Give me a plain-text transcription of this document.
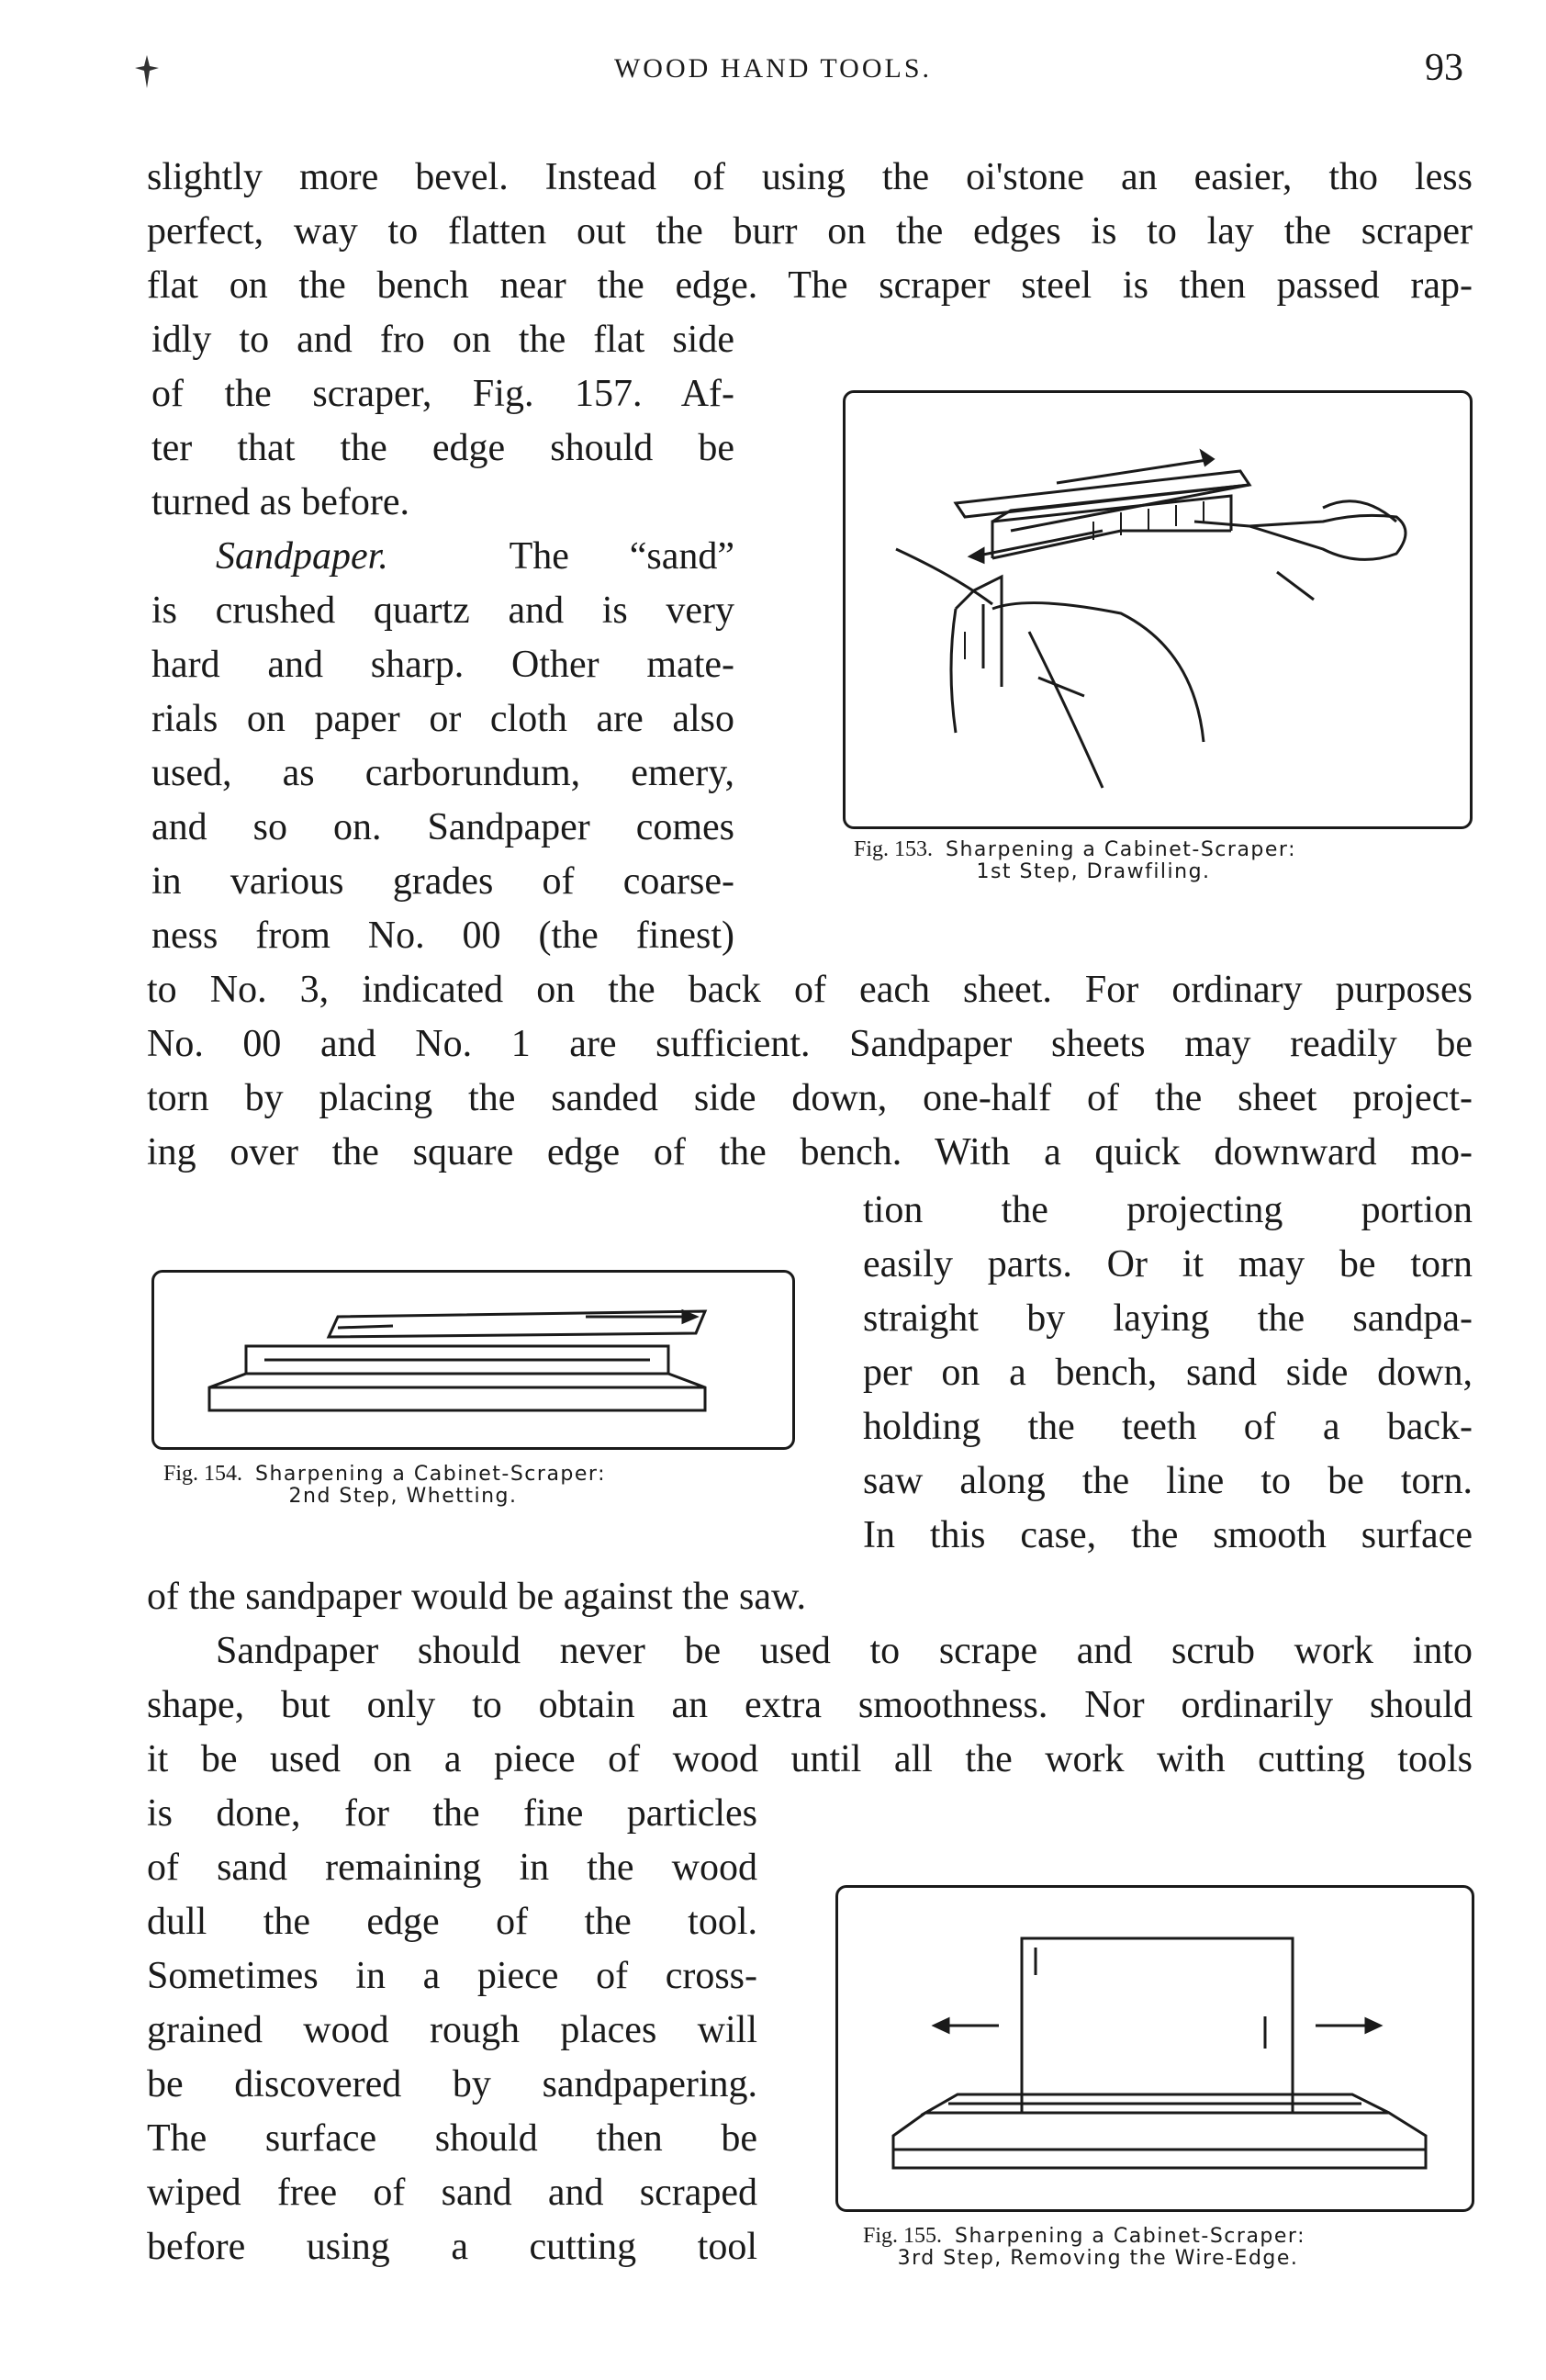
WOOD HAND TOOLS.	93
slightly more bevel. Instead of using the oi'stone an easier, tho less
perfect, way to flatten out the burr on the edges is to lay the scraper
flat on the bench near the edge. The scraper steel is then passed rap-
idly to and fro on the flat side
of the scraper, Fig. 157. Af-
ter that the edge should be
turned as before.
Sandpaper.	The “sand”
is crushed quartz and is very
hard and sharp. Other mate-
rials on paper or cloth are also
used, as carborundum, emery,
and so on. Sandpaper comes
in various grades of coarse-
ness from No. 00 (the finest)
Fig. 153. Sharpening a Cabinet-Scraper:
1st Step, Drawfiling.
to No. 3, indicated on the back of each sheet. For ordinary purposes
No. 00 and No. 1 are sufficient. Sandpaper sheets may readily be
torn by placing the sanded side down, one-half of the sheet project-
ing over the square edge of the bench. With a quick downward mo-
Fig. 154. Sharpening a Cabinet-Scraper:
2nd Step, Whetting.
tion the projecting portion
easily parts. Or it may be torn
straight by laying the sandpa-
per on a bench, sand side down,
holding the teeth of a back-
saw along the line to be torn.
In this case, the smooth surface
of the sandpaper would be against the saw.
Sandpaper should never be used to scrape and scrub work into
shape, but only to obtain an extra smoothness. Nor ordinarily should
it be used on a piece of wood until all the work with cutting tools
is done, for the fine particles
of sand remaining in the wood
dull the edge of the tool.
Sometimes in a piece of cross-
grained wood rough places will
be discovered by sandpapering.
The surface should then be
wiped free of sand and scraped
before using a cutting tool	Fig. 155. Sharpening a Cabinet-Scraper:
3rd Step, Removing the Wire-Edge.
